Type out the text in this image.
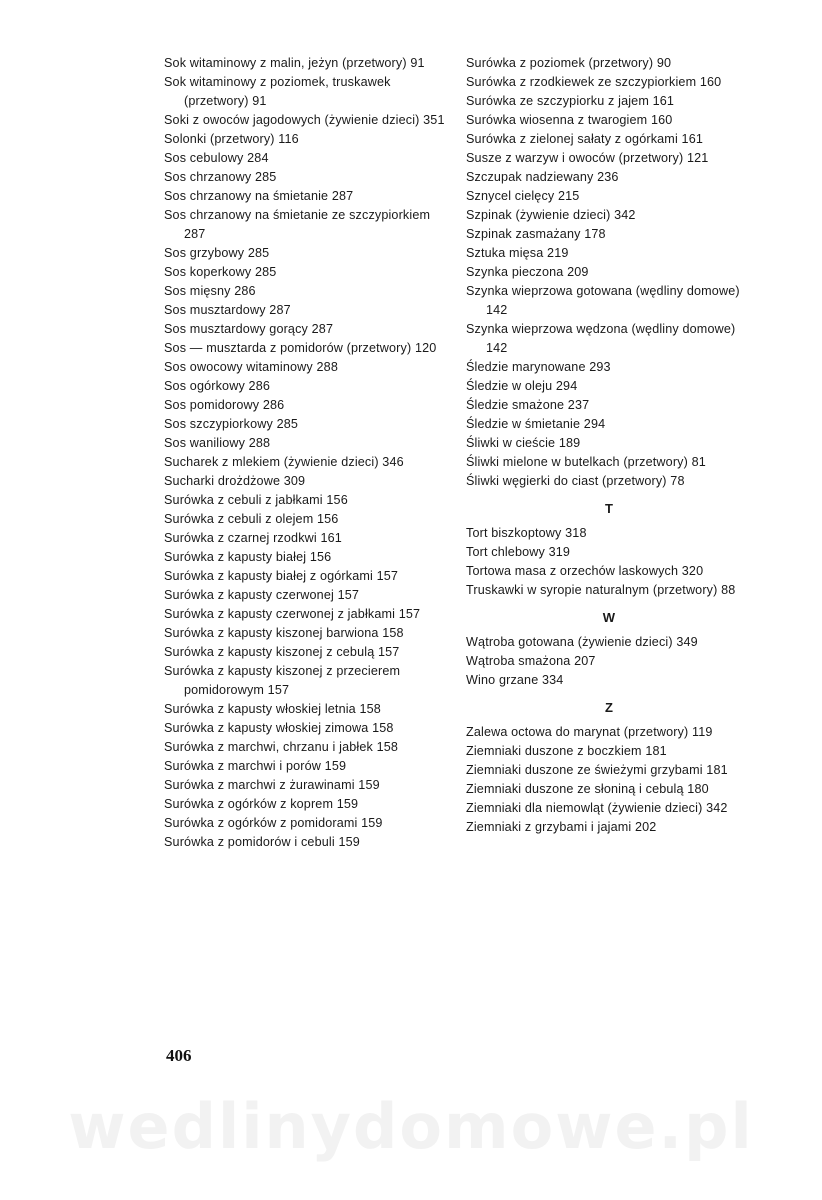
Sok witaminowy z malin, jeżyn (przetwory) 91
Sok witaminowy z poziomek, truskawek (przetwory) 91
Soki z owoców jagodowych (żywienie dzieci) 351
Solonki (przetwory) 116
Sos cebulowy 284
Sos chrzanowy 285
Sos chrzanowy na śmietanie 287
Sos chrzanowy na śmietanie ze szczypiorkiem 287
Sos grzybowy 285
Sos koperkowy 285
Sos mięsny 286
Sos musztardowy 287
Sos musztardowy gorący 287
Sos — musztarda z pomidorów (przetwory) 120
Sos owocowy witaminowy 288
Sos ogórkowy 286
Sos pomidorowy 286
Sos szczypiorkowy 285
Sos waniliowy 288
Sucharek z mlekiem (żywienie dzieci) 346
Sucharki drożdżowe 309
Surówka z cebuli z jabłkami 156
Surówka z cebuli z olejem 156
Surówka z czarnej rzodkwi 161
Surówka z kapusty białej 156
Surówka z kapusty białej z ogórkami 157
Surówka z kapusty czerwonej 157
Surówka z kapusty czerwonej z jabłkami 157
Surówka z kapusty kiszonej barwiona 158
Surówka z kapusty kiszonej z cebulą 157
Surówka z kapusty kiszonej z przecierem pomidorowym 157
Surówka z kapusty włoskiej letnia 158
Surówka z kapusty włoskiej zimowa 158
Surówka z marchwi, chrzanu i jabłek 158
Surówka z marchwi i porów 159
Surówka z marchwi z żurawinami 159
Surówka z ogórków z koprem 159
Surówka z ogórków z pomidorami 159
Surówka z pomidorów i cebuli 159
Surówka z poziomek (przetwory) 90
Surówka z rzodkiewek ze szczypiorkiem 160
Surówka ze szczypiorku z jajem 161
Surówka wiosenna z twarogiem 160
Surówka z zielonej sałaty z ogórkami 161
Susze z warzyw i owoców (przetwory) 121
Szczupak nadziewany 236
Sznycel cielęcy 215
Szpinak (żywienie dzieci) 342
Szpinak zasmażany 178
Sztuka mięsa 219
Szynka pieczona 209
Szynka wieprzowa gotowana (wędliny domowe) 142
Szynka wieprzowa wędzona (wędliny domowe) 142
Śledzie marynowane 293
Śledzie w oleju 294
Śledzie smażone 237
Śledzie w śmietanie 294
Śliwki w cieście 189
Śliwki mielone w butelkach (przetwory) 81
Śliwki węgierki do ciast (przetwory) 78
T
Tort biszkoptowy 318
Tort chlebowy 319
Tortowa masa z orzechów laskowych 320
Truskawki w syropie naturalnym (przetwory) 88
W
Wątroba gotowana (żywienie dzieci) 349
Wątroba smażona 207
Wino grzane 334
Z
Zalewa octowa do marynat (przetwory) 119
Ziemniaki duszone z boczkiem 181
Ziemniaki duszone ze świeżymi grzybami 181
Ziemniaki duszone ze słoniną i cebulą 180
Ziemniaki dla niemowląt (żywienie dzieci) 342
Ziemniaki z grzybami i jajami 202
406
wedlinydomowe.pl
